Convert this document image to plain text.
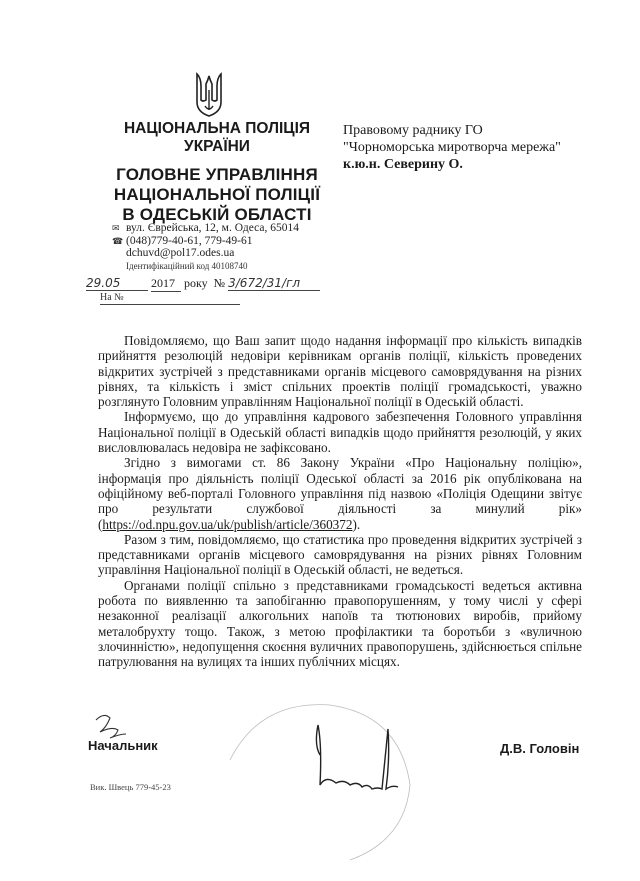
НАЦІОНАЛЬНА ПОЛІЦІЯ
УКРАЇНИ
ГОЛОВНЕ УПРАВЛІННЯ
НАЦІОНАЛЬНОЇ ПОЛІЦІЇ
В ОДЕСЬКІЙ ОБЛАСТІ
✉ вул. Єврейська, 12, м. Одеса, 65014
☎ (048)779-40-61, 779-49-61
dchuvd@pol17.odes.ua
Ідентифікаційний код 40108740
29.05	2017 року № 3/672/31/гл
На №
Правовому раднику ГО
"Чорноморська миротворча мережа"
к.ю.н. Северину О.

Повідомляємо, що Ваш запит щодо надання інформації про кількість випадків прийняття резолюцій недовіри керівникам органів поліції, кількість проведених відкритих зустрічей з представниками органів місцевого самоврядування на різних рівнях, та кількість і зміст спільних проектів поліції громадськості, уважно розглянуто Головним управлінням Національної поліції в Одеській області.

Інформуємо, що до управління кадрового забезпечення Головного управління Національної поліції в Одеській області випадків щодо прийняття резолюцій, у яких висловлювалась недовіра не зафіксовано.

Згідно з вимогами ст. 86 Закону України «Про Національну поліцію», інформація про діяльність поліції Одеської області за 2016 рік опублікована на офіційному веб-порталі Головного управління під назвою «Поліція Одещини звітує про результати службової діяльності за минулий рік» (https://od.npu.gov.ua/uk/publish/article/360372).

Разом з тим, повідомляємо, що статистика про проведення відкритих зустрічей з представниками органів місцевого самоврядування на різних рівнях Головним управління Національної поліції в Одеській області, не ведеться.

Органами поліції спільно з представниками громадськості ведеться активна робота по виявленню та запобіганню правопорушенням, у тому числі у сфері незаконної реалізації алкогольних напоїв та тютюнових виробів, прийому металобрухту тощо. Також, з метою профілактики та боротьби з «вуличною злочинністю», недопущення скоєння вуличних правопорушень, здійснюється спільне патрулювання на вулицях та інших публічних місцях.

Начальник	Д.В. Головін
Вик. Швець 779-45-23
